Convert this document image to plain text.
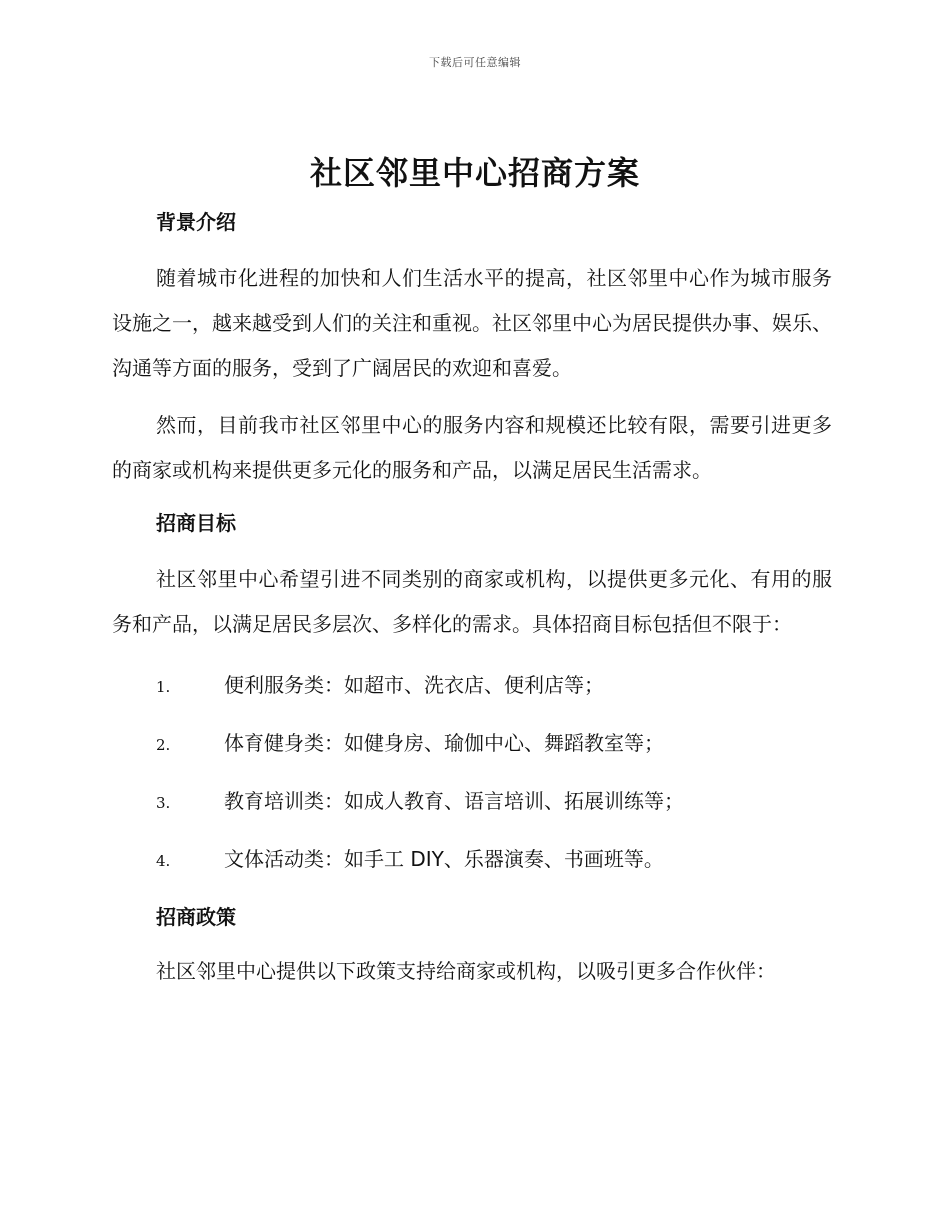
下载后可任意编辑
社区邻里中心招商方案
背景介绍

随着城市化进程的加快和人们生活水平的提高，社区邻里中心作为城市服务设施之一，越来越受到人们的关注和重视。社区邻里中心为居民提供办事、娱乐、沟通等方面的服务，受到了广阔居民的欢迎和喜爱。

然而，目前我市社区邻里中心的服务内容和规模还比较有限，需要引进更多的商家或机构来提供更多元化的服务和产品，以满足居民生活需求。

招商目标

社区邻里中心希望引进不同类别的商家或机构，以提供更多元化、有用的服务和产品，以满足居民多层次、多样化的需求。具体招商目标包括但不限于：

1.	便利服务类：如超市、洗衣店、便利店等；
2.	体育健身类：如健身房、瑜伽中心、舞蹈教室等；
3.	教育培训类：如成人教育、语言培训、拓展训练等；
4.	文体活动类：如手工 DIY、乐器演奏、书画班等。
招商政策

社区邻里中心提供以下政策支持给商家或机构，以吸引更多合作伙伴：
